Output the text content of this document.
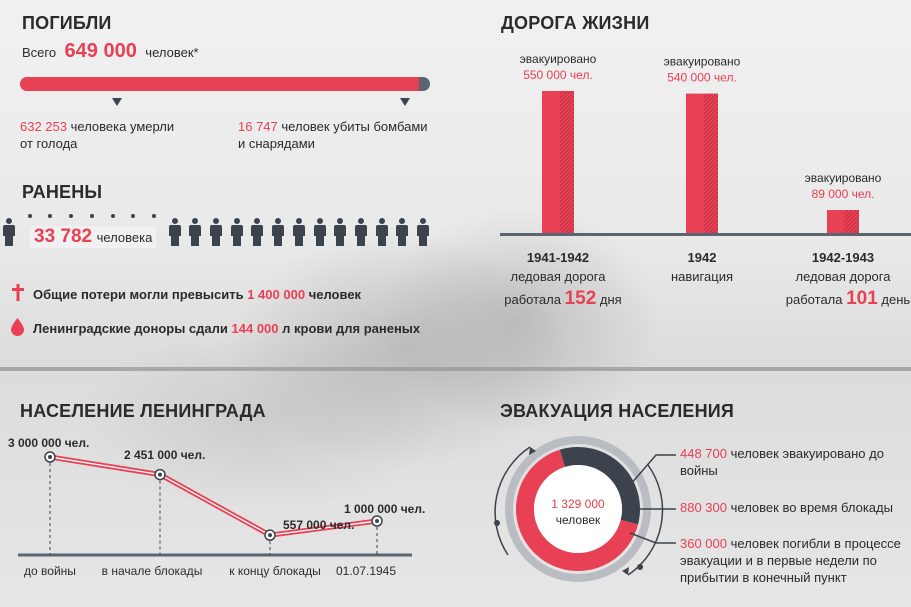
ПОГИБЛИ
Всего 649 000 человек*
632 253 человека умерли
от голода
16 747 человек убиты бомбами
и снарядами
РАНЕНЫ
33 782 человека
Общие потери могли превысить 1 400 000 человек
Ленинградские доноры сдали 144 000 л крови для раненых
ДОРОГА ЖИЗНИ
эвакуировано
550 000 чел.
эвакуировано
540 000 чел.
эвакуировано
89 000 чел.
1941-1942
ледовая дорога
работала 152 дня
1942
навигация
1942-1943
ледовая дорога
работала 101 день
НАСЕЛЕНИЕ ЛЕНИНГРАДА
3 000 000 чел.
2 451 000 чел.
557 000 чел.
1 000 000 чел.
до войны в начале блокады к концу блокады 01.07.1945
ЭВАКУАЦИЯ НАСЕЛЕНИЯ
1 329 000
человек
448 700 человек эвакуировано до
войны
880 300 человек во время блокады
360 000 человек погибли в процессе
эвакуации и в первые недели по
прибытии в конечный пункт
